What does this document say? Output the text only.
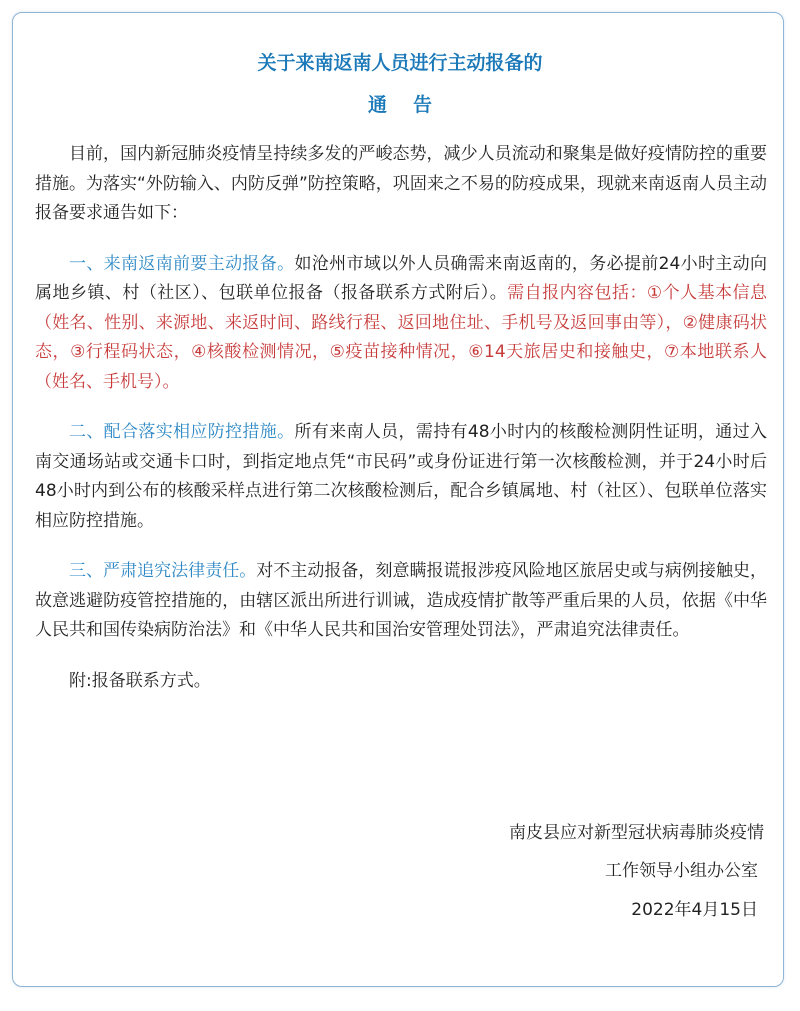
关于来南返南人员进行主动报备的
通告

目前，国内新冠肺炎疫情呈持续多发的严峻态势，减少人员流动和聚集是做好疫情防控的重要措施。为落实“外防输入、内防反弹”防控策略，巩固来之不易的防疫成果，现就来南返南人员主动报备要求通告如下：

一、来南返南前要主动报备。如沧州市域以外人员确需来南返南的，务必提前24小时主动向属地乡镇、村（社区）、包联单位报备（报备联系方式附后）。需自报内容包括：①个人基本信息（姓名、性别、来源地、来返时间、路线行程、返回地住址、手机号及返回事由等），②健康码状态，③行程码状态，④核酸检测情况，⑤疫苗接种情况，⑥14天旅居史和接触史，⑦本地联系人（姓名、手机号）。

二、配合落实相应防控措施。所有来南人员，需持有48小时内的核酸检测阴性证明，通过入南交通场站或交通卡口时，到指定地点凭“市民码”或身份证进行第一次核酸检测，并于24小时后48小时内到公布的核酸采样点进行第二次核酸检测后，配合乡镇属地、村（社区）、包联单位落实相应防控措施。

三、严肃追究法律责任。对不主动报备，刻意瞒报谎报涉疫风险地区旅居史或与病例接触史，故意逃避防疫管控措施的，由辖区派出所进行训诫，造成疫情扩散等严重后果的人员，依据《中华人民共和国传染病防治法》和《中华人民共和国治安管理处罚法》，严肃追究法律责任。

附:报备联系方式。

南皮县应对新型冠状病毒肺炎疫情

工作领导小组办公室

2022年4月15日
